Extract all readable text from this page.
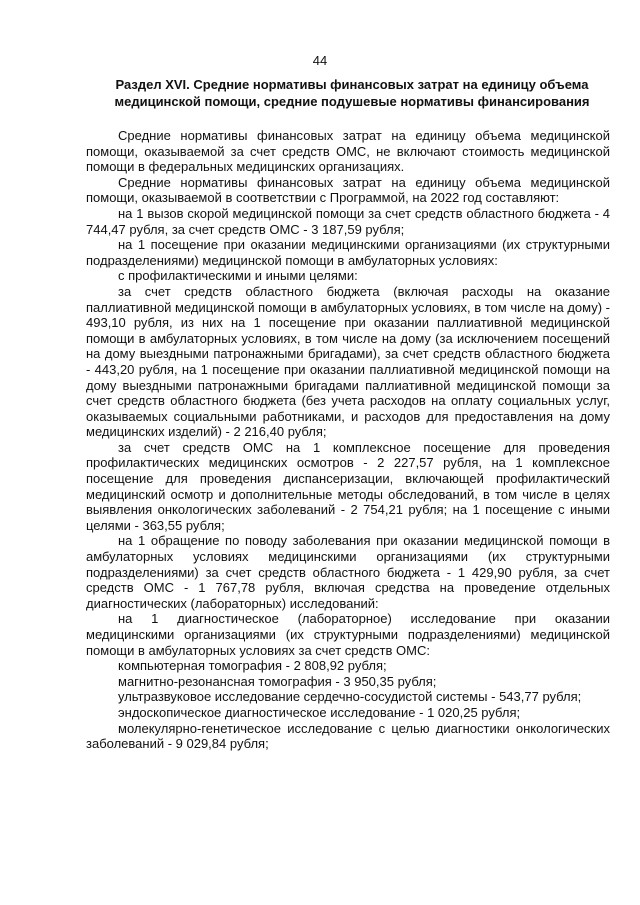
44
Раздел XVI. Средние нормативы финансовых затрат на единицу объема медицинской помощи, средние подушевые нормативы финансирования

Средние нормативы финансовых затрат на единицу объема медицинской помощи, оказываемой за счет средств ОМС, не включают стоимость медицинской помощи в федеральных медицинских организациях.

Средние нормативы финансовых затрат на единицу объема медицинской помощи, оказываемой в соответствии с Программой, на 2022 год составляют:

на 1 вызов скорой медицинской помощи за счет средств областного бюджета - 4 744,47 рубля, за счет средств ОМС - 3 187,59 рубля;

на 1 посещение при оказании медицинскими организациями (их структурными подразделениями) медицинской помощи в амбулаторных условиях:

с профилактическими и иными целями:

за счет средств областного бюджета (включая расходы на оказание паллиативной медицинской помощи в амбулаторных условиях, в том числе на дому) - 493,10 рубля, из них на 1 посещение при оказании паллиативной медицинской помощи в амбулаторных условиях, в том числе на дому (за исключением посещений на дому выездными патронажными бригадами), за счет средств областного бюджета - 443,20 рубля, на 1 посещение при оказании паллиативной медицинской помощи на дому выездными патронажными бригадами паллиативной медицинской помощи за счет средств областного бюджета (без учета расходов на оплату социальных услуг, оказываемых социальными работниками, и расходов для предоставления на дому медицинских изделий) - 2 216,40 рубля;

за счет средств ОМС на 1 комплексное посещение для проведения профилактических медицинских осмотров - 2 227,57 рубля, на 1 комплексное посещение для проведения диспансеризации, включающей профилактический медицинский осмотр и дополнительные методы обследований, в том числе в целях выявления онкологических заболеваний - 2 754,21 рубля; на 1 посещение с иными целями - 363,55 рубля;

на 1 обращение по поводу заболевания при оказании медицинской помощи в амбулаторных условиях медицинскими организациями (их структурными подразделениями) за счет средств областного бюджета - 1 429,90 рубля, за счет средств ОМС - 1 767,78 рубля, включая средства на проведение отдельных диагностических (лабораторных) исследований:

на 1 диагностическое (лабораторное) исследование при оказании медицинскими организациями (их структурными подразделениями) медицинской помощи в амбулаторных условиях за счет средств ОМС:

компьютерная томография - 2 808,92 рубля;

магнитно-резонансная томография - 3 950,35 рубля;

ультразвуковое исследование сердечно-сосудистой системы - 543,77 рубля;

эндоскопическое диагностическое исследование - 1 020,25 рубля;

молекулярно-генетическое исследование с целью диагностики онкологических заболеваний - 9 029,84 рубля;
